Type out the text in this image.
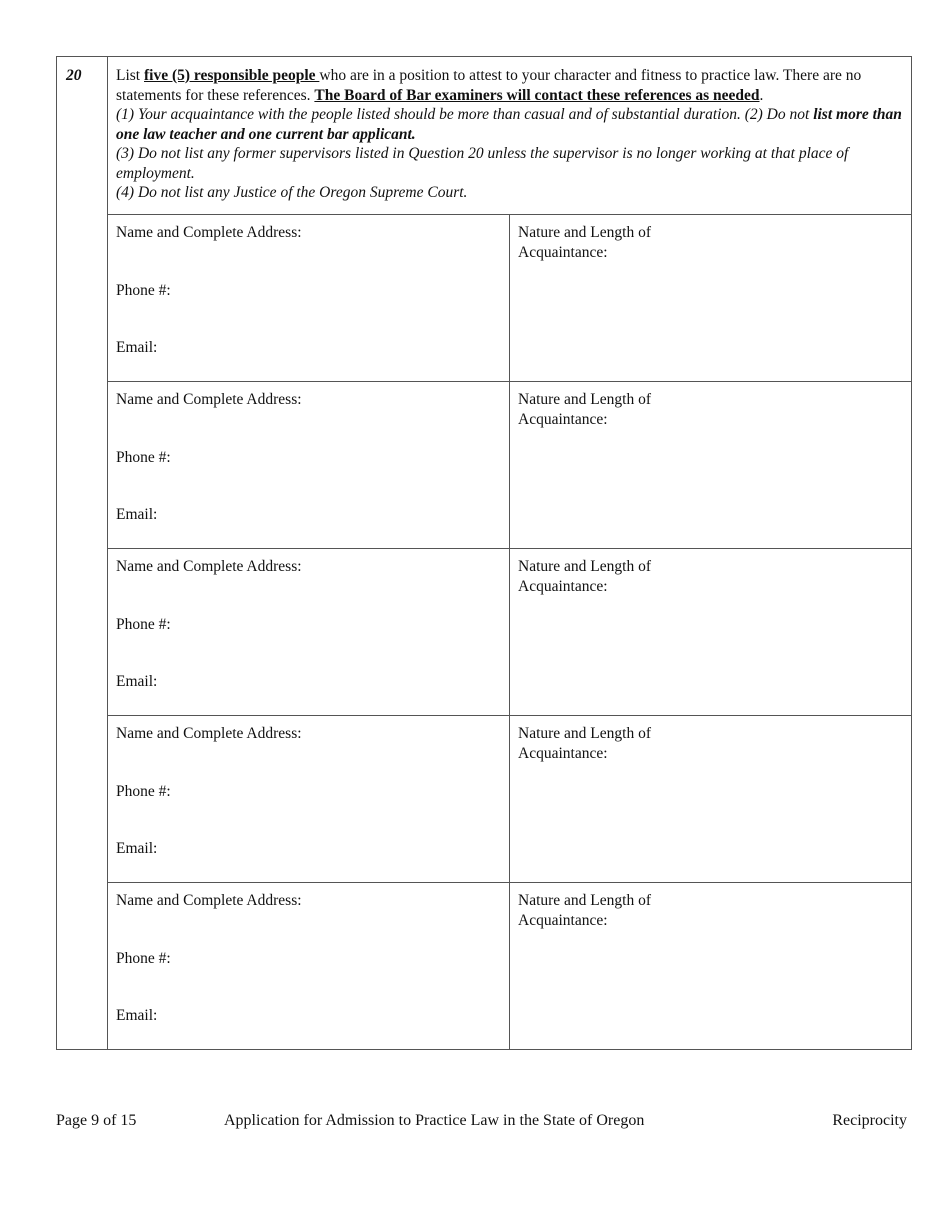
20	List five (5) responsible people who are in a position to attest to your character and fitness to practice law. There are no statements for these references. The Board of Bar examiners will contact these references as needed.

(1) Your acquaintance with the people listed should be more than casual and of substantial duration. (2) Do not list more than one law teacher and one current bar applicant.

(3) Do not list any former supervisors listed in Question 20 unless the supervisor is no longer working at that place of employment.

(4) Do not list any Justice of the Oregon Supreme Court.	

	Name and Complete Address:
Phone #:
Email:	Nature and Length of Acquaintance:

	Name and Complete Address:
Phone #:
Email:	Nature and Length of Acquaintance:

	Name and Complete Address:
Phone #:
Email:	Nature and Length of Acquaintance:

	Name and Complete Address:
Phone #:
Email:	Nature and Length of Acquaintance:

	Name and Complete Address:
Phone #:
Email:	Nature and Length of Acquaintance:
Page 9 of 15	Application for Admission to Practice Law in the State of Oregon	Reciprocity
